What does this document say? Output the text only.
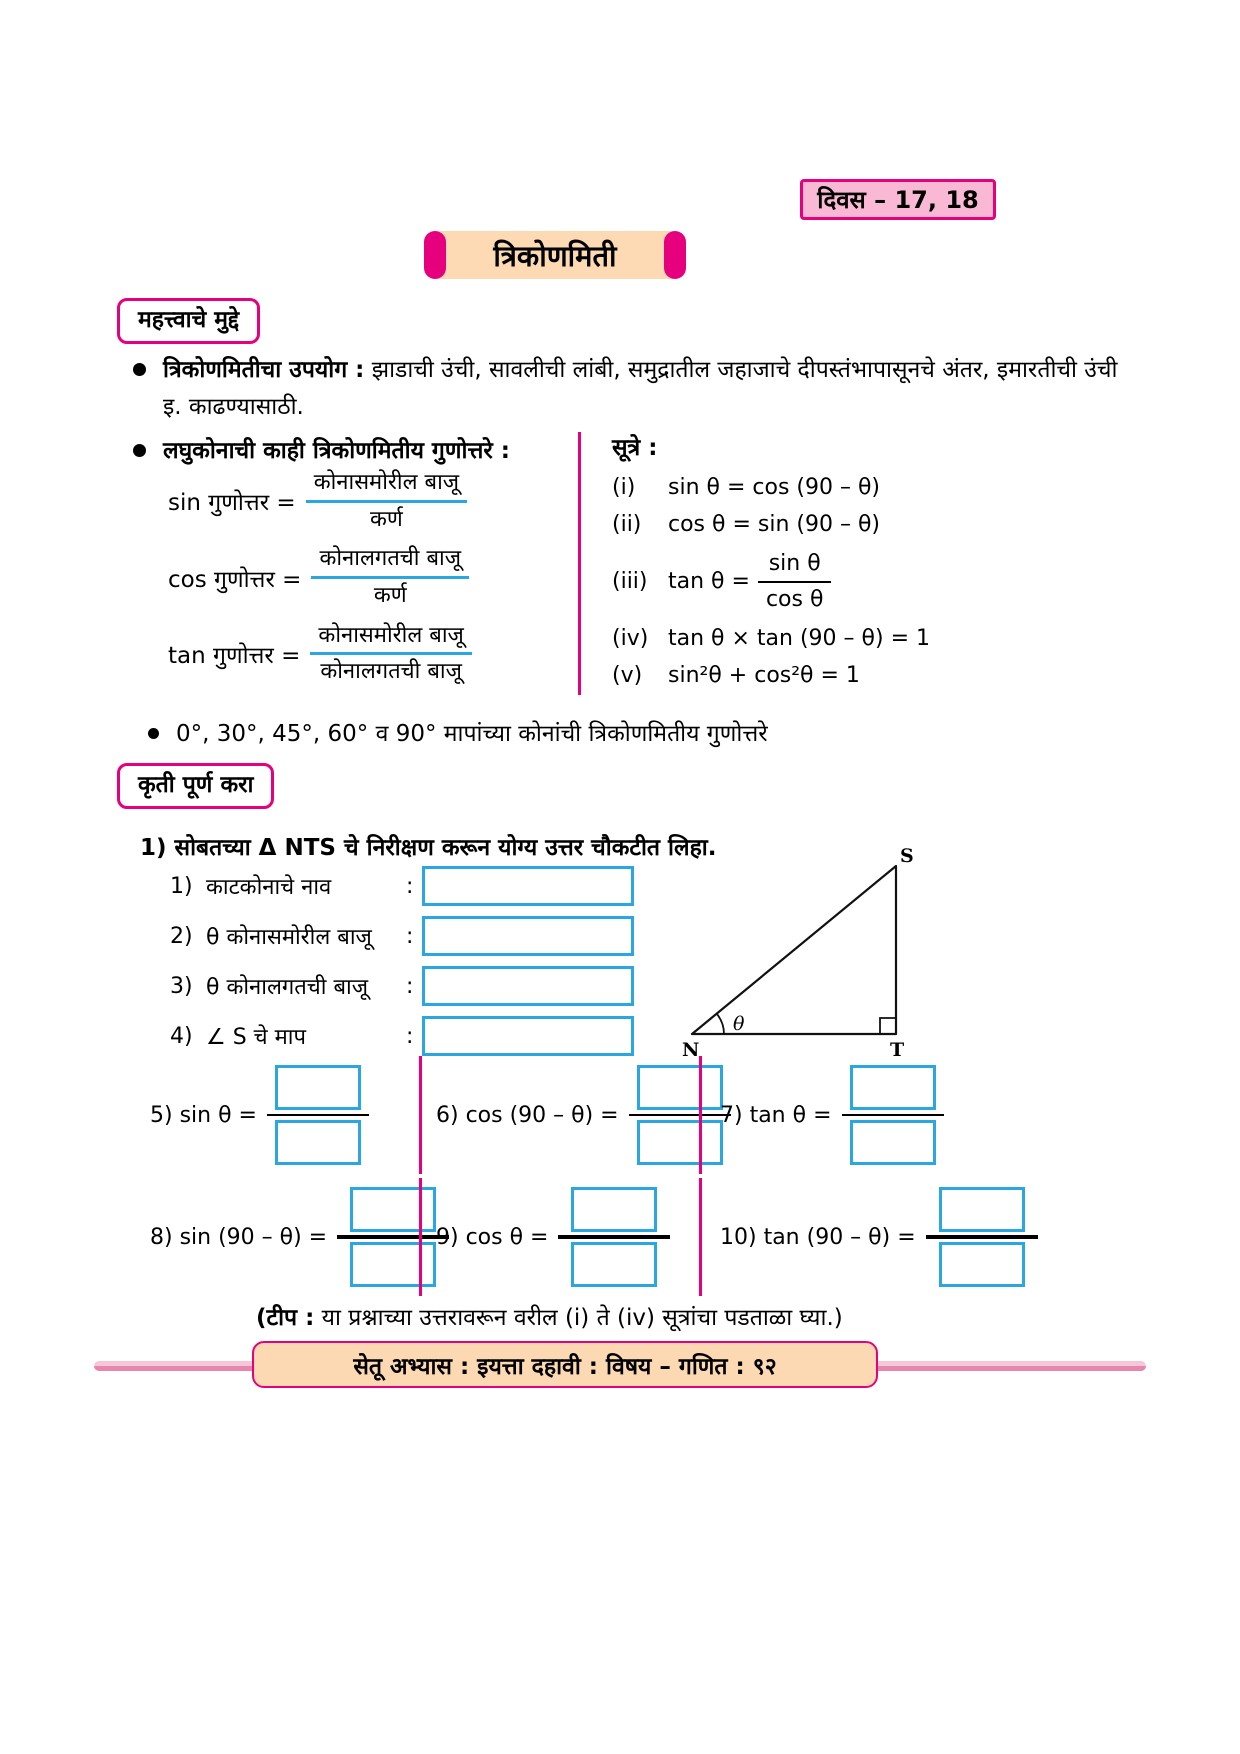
दिवस – 17, 18
त्रिकोणमिती
महत्त्वाचे मुद्दे
त्रिकोणमितीचा उपयोग : झाडाची उंची, सावलीची लांबी, समुद्रातील जहाजाचे दीपस्तंभापासूनचे अंतर, इमारतीची उंची इ. काढण्यासाठी.
लघुकोनाची काही त्रिकोणमितीय गुणोत्तरे :
sin गुणोत्तर = $\frac{\text{कोनासमोरील बाजू}}{\text{कर्ण}}$
cos गुणोत्तर = $\frac{\text{कोनालगतची बाजू}}{\text{कर्ण}}$
tan गुणोत्तर = $\frac{\text{कोनासमोरील बाजू}}{\text{कोनालगतची बाजू}}$
सूत्रे :
(i)	sin θ = cos (90 – θ)
(ii)	cos θ = sin (90 – θ)
(iii) $\tan \theta = \frac{\text{sin θ}}{\text{cos θ}}$
(iv) tan θ × tan (90 – θ) = 1
(v)	sin²θ + cos²θ = 1
0°, 30°, 45°, 60° व 90° मापांच्या कोनांची त्रिकोणमितीय गुणोत्तरे
कृती पूर्ण करा
1) सोबतच्या Δ NTS चे निरीक्षण करून योग्य उत्तर चौकटीत लिहा.
1) काटकोनाचे नाव	:
2) θ कोनासमोरील बाजू	:
3) θ कोनालगतची बाजू	:
4) ∠ S चे माप	:
S
N	T
θ
5) sin θ =	6) cos (90 – θ) =	7) tan θ =
8) sin (90 – θ) =	9) cos θ =	10) tan (90 – θ) =
(टीप : या प्रश्नाच्या उत्तरावरून वरील (i) ते (iv) सूत्रांचा पडताळा घ्या.)
सेतू अभ्यास : इयत्ता दहावी : विषय – गणित : ९२
